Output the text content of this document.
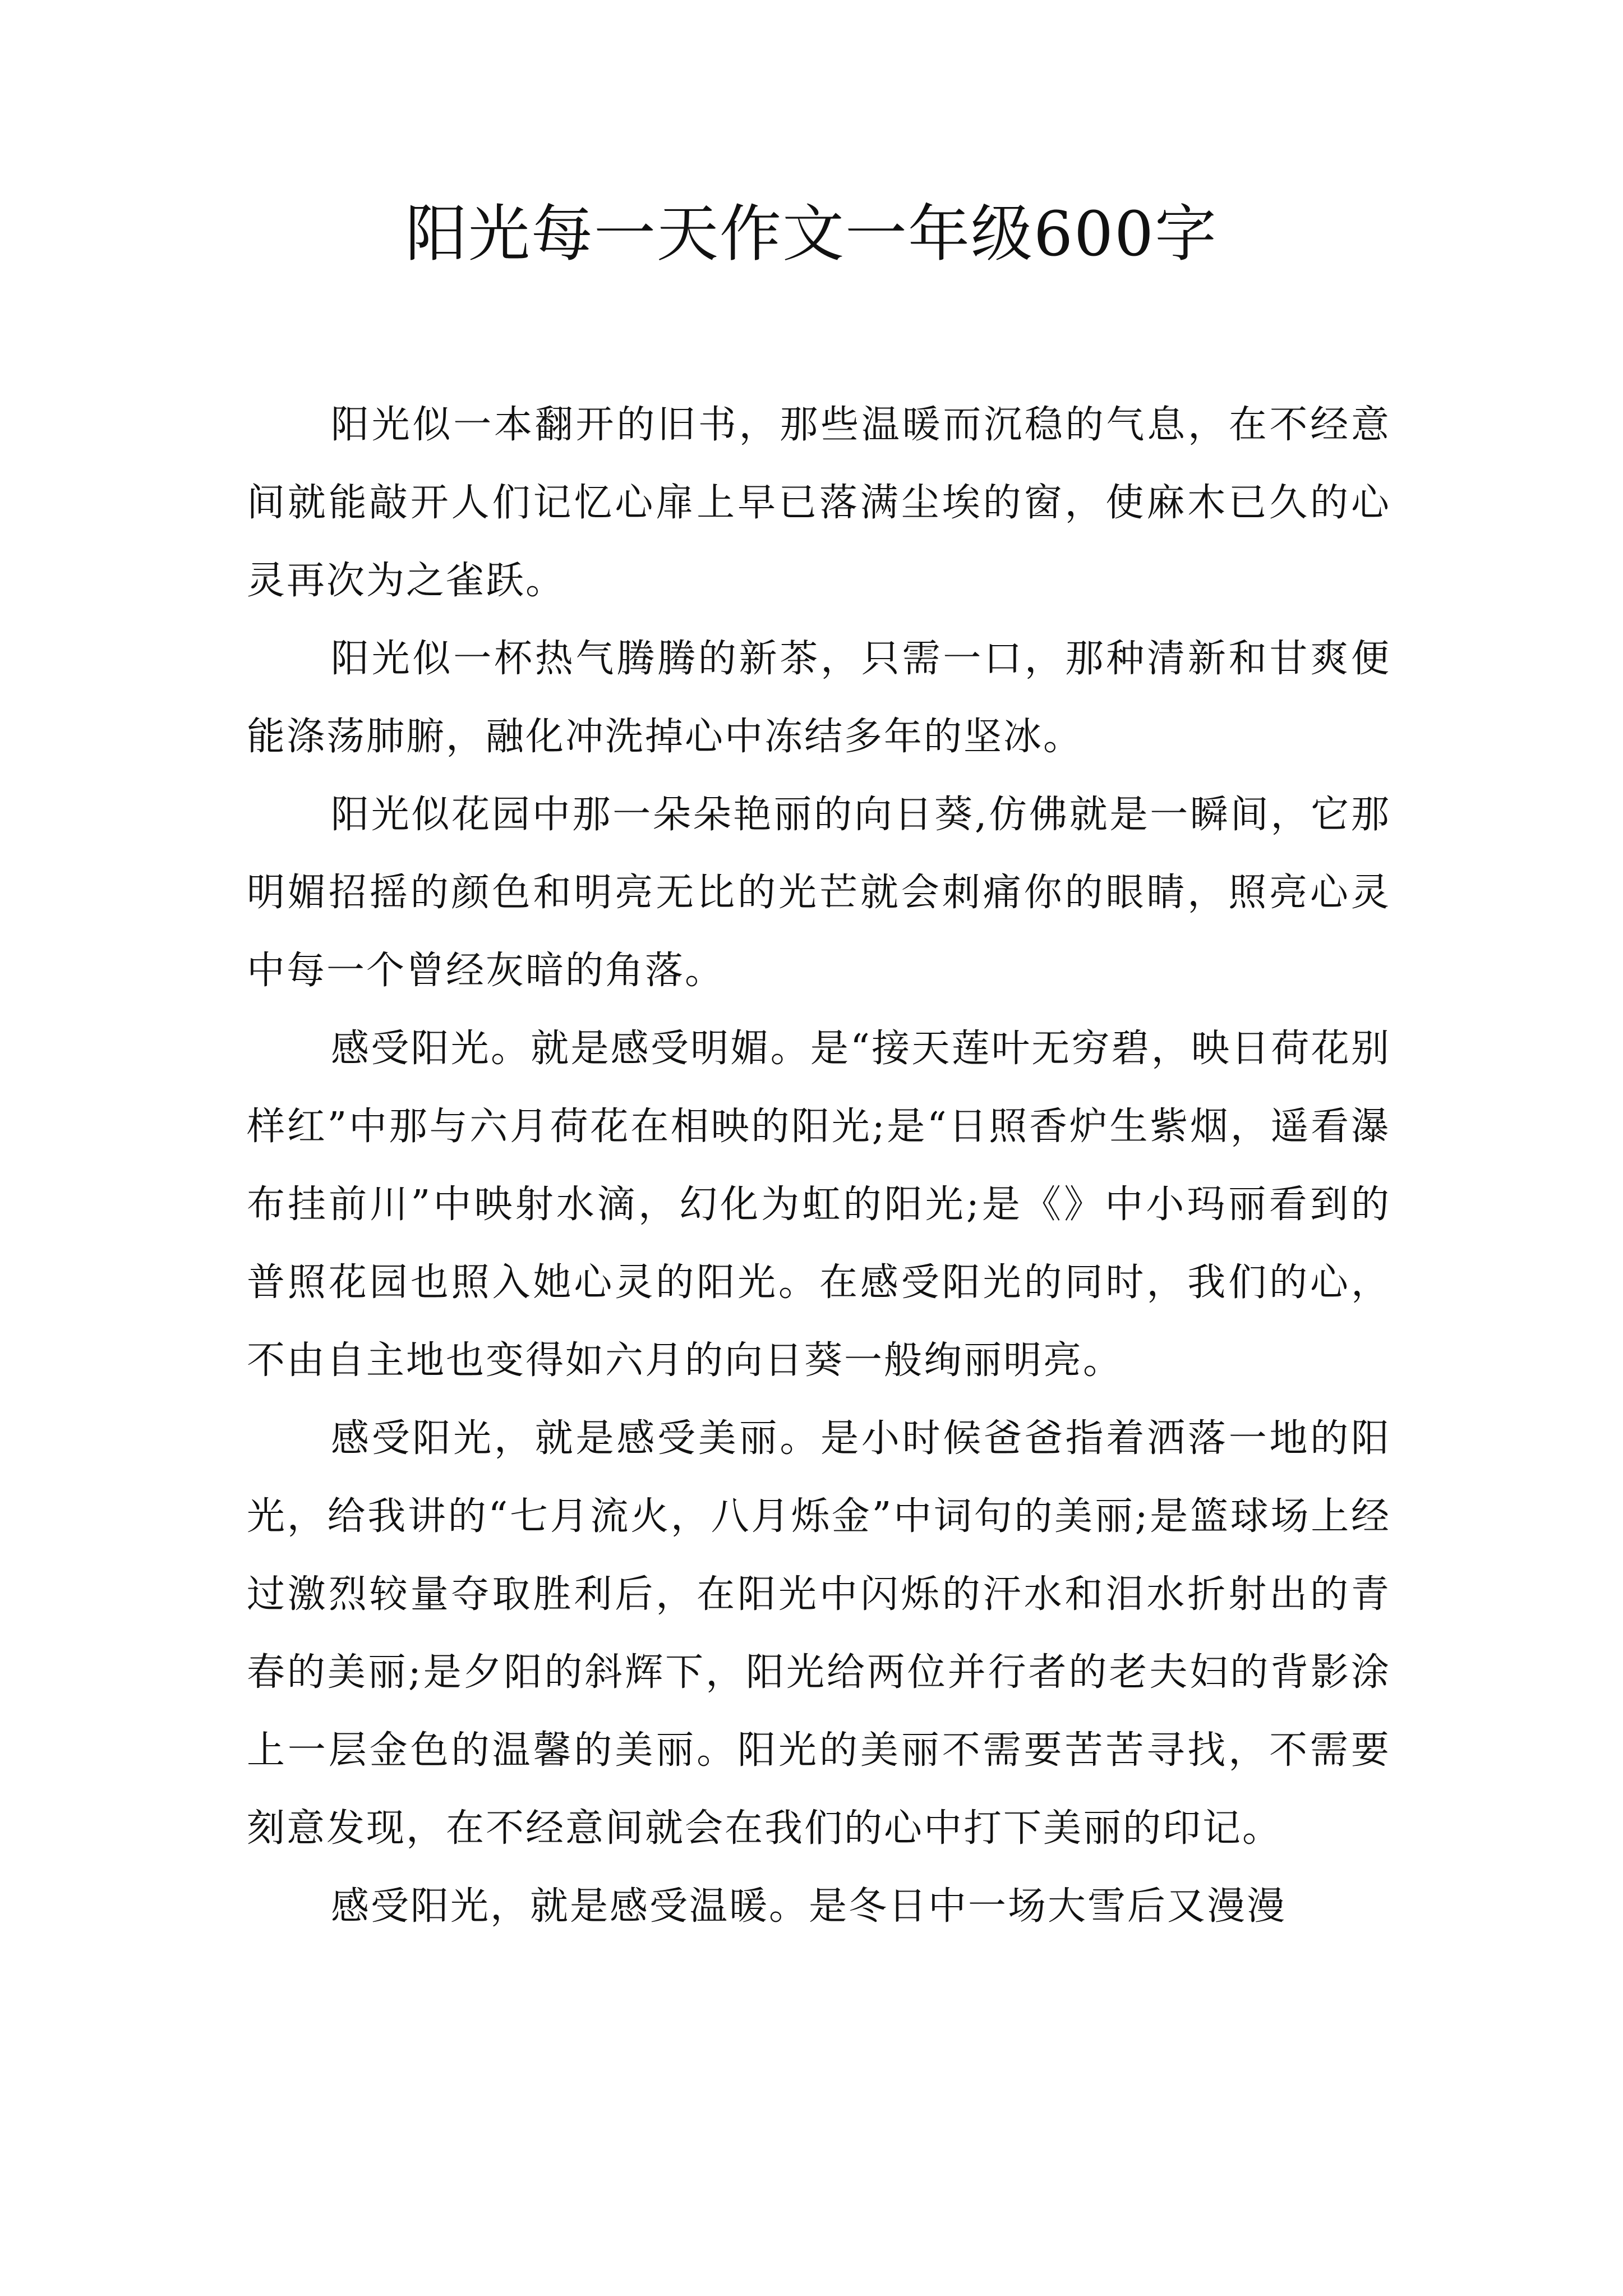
阳光每一天作文一年级600字

阳光似一本翻开的旧书，那些温暖而沉稳的气息，在不经意间就能敲开人们记忆心扉上早已落满尘埃的窗，使麻木已久的心灵再次为之雀跃。

阳光似一杯热气腾腾的新茶，只需一口，那种清新和甘爽便能涤荡肺腑，融化冲洗掉心中冻结多年的坚冰。

阳光似花园中那一朵朵艳丽的向日葵,仿佛就是一瞬间，它那明媚招摇的颜色和明亮无比的光芒就会刺痛你的眼睛，照亮心灵中每一个曾经灰暗的角落。

感受阳光。就是感受明媚。是“接天莲叶无穷碧，映日荷花别样红”中那与六月荷花在相映的阳光;是“日照香炉生紫烟，遥看瀑布挂前川”中映射水滴，幻化为虹的阳光;是《》中小玛丽看到的普照花园也照入她心灵的阳光。在感受阳光的同时，我们的心，不由自主地也变得如六月的向日葵一般绚丽明亮。

感受阳光，就是感受美丽。是小时候爸爸指着洒落一地的阳光，给我讲的“七月流火，八月烁金”中词句的美丽;是篮球场上经过激烈较量夺取胜利后，在阳光中闪烁的汗水和泪水折射出的青春的美丽;是夕阳的斜辉下，阳光给两位并行者的老夫妇的背影涂上一层金色的温馨的美丽。阳光的美丽不需要苦苦寻找，不需要刻意发现，在不经意间就会在我们的心中打下美丽的印记。

感受阳光，就是感受温暖。是冬日中一场大雪后又漫漫
